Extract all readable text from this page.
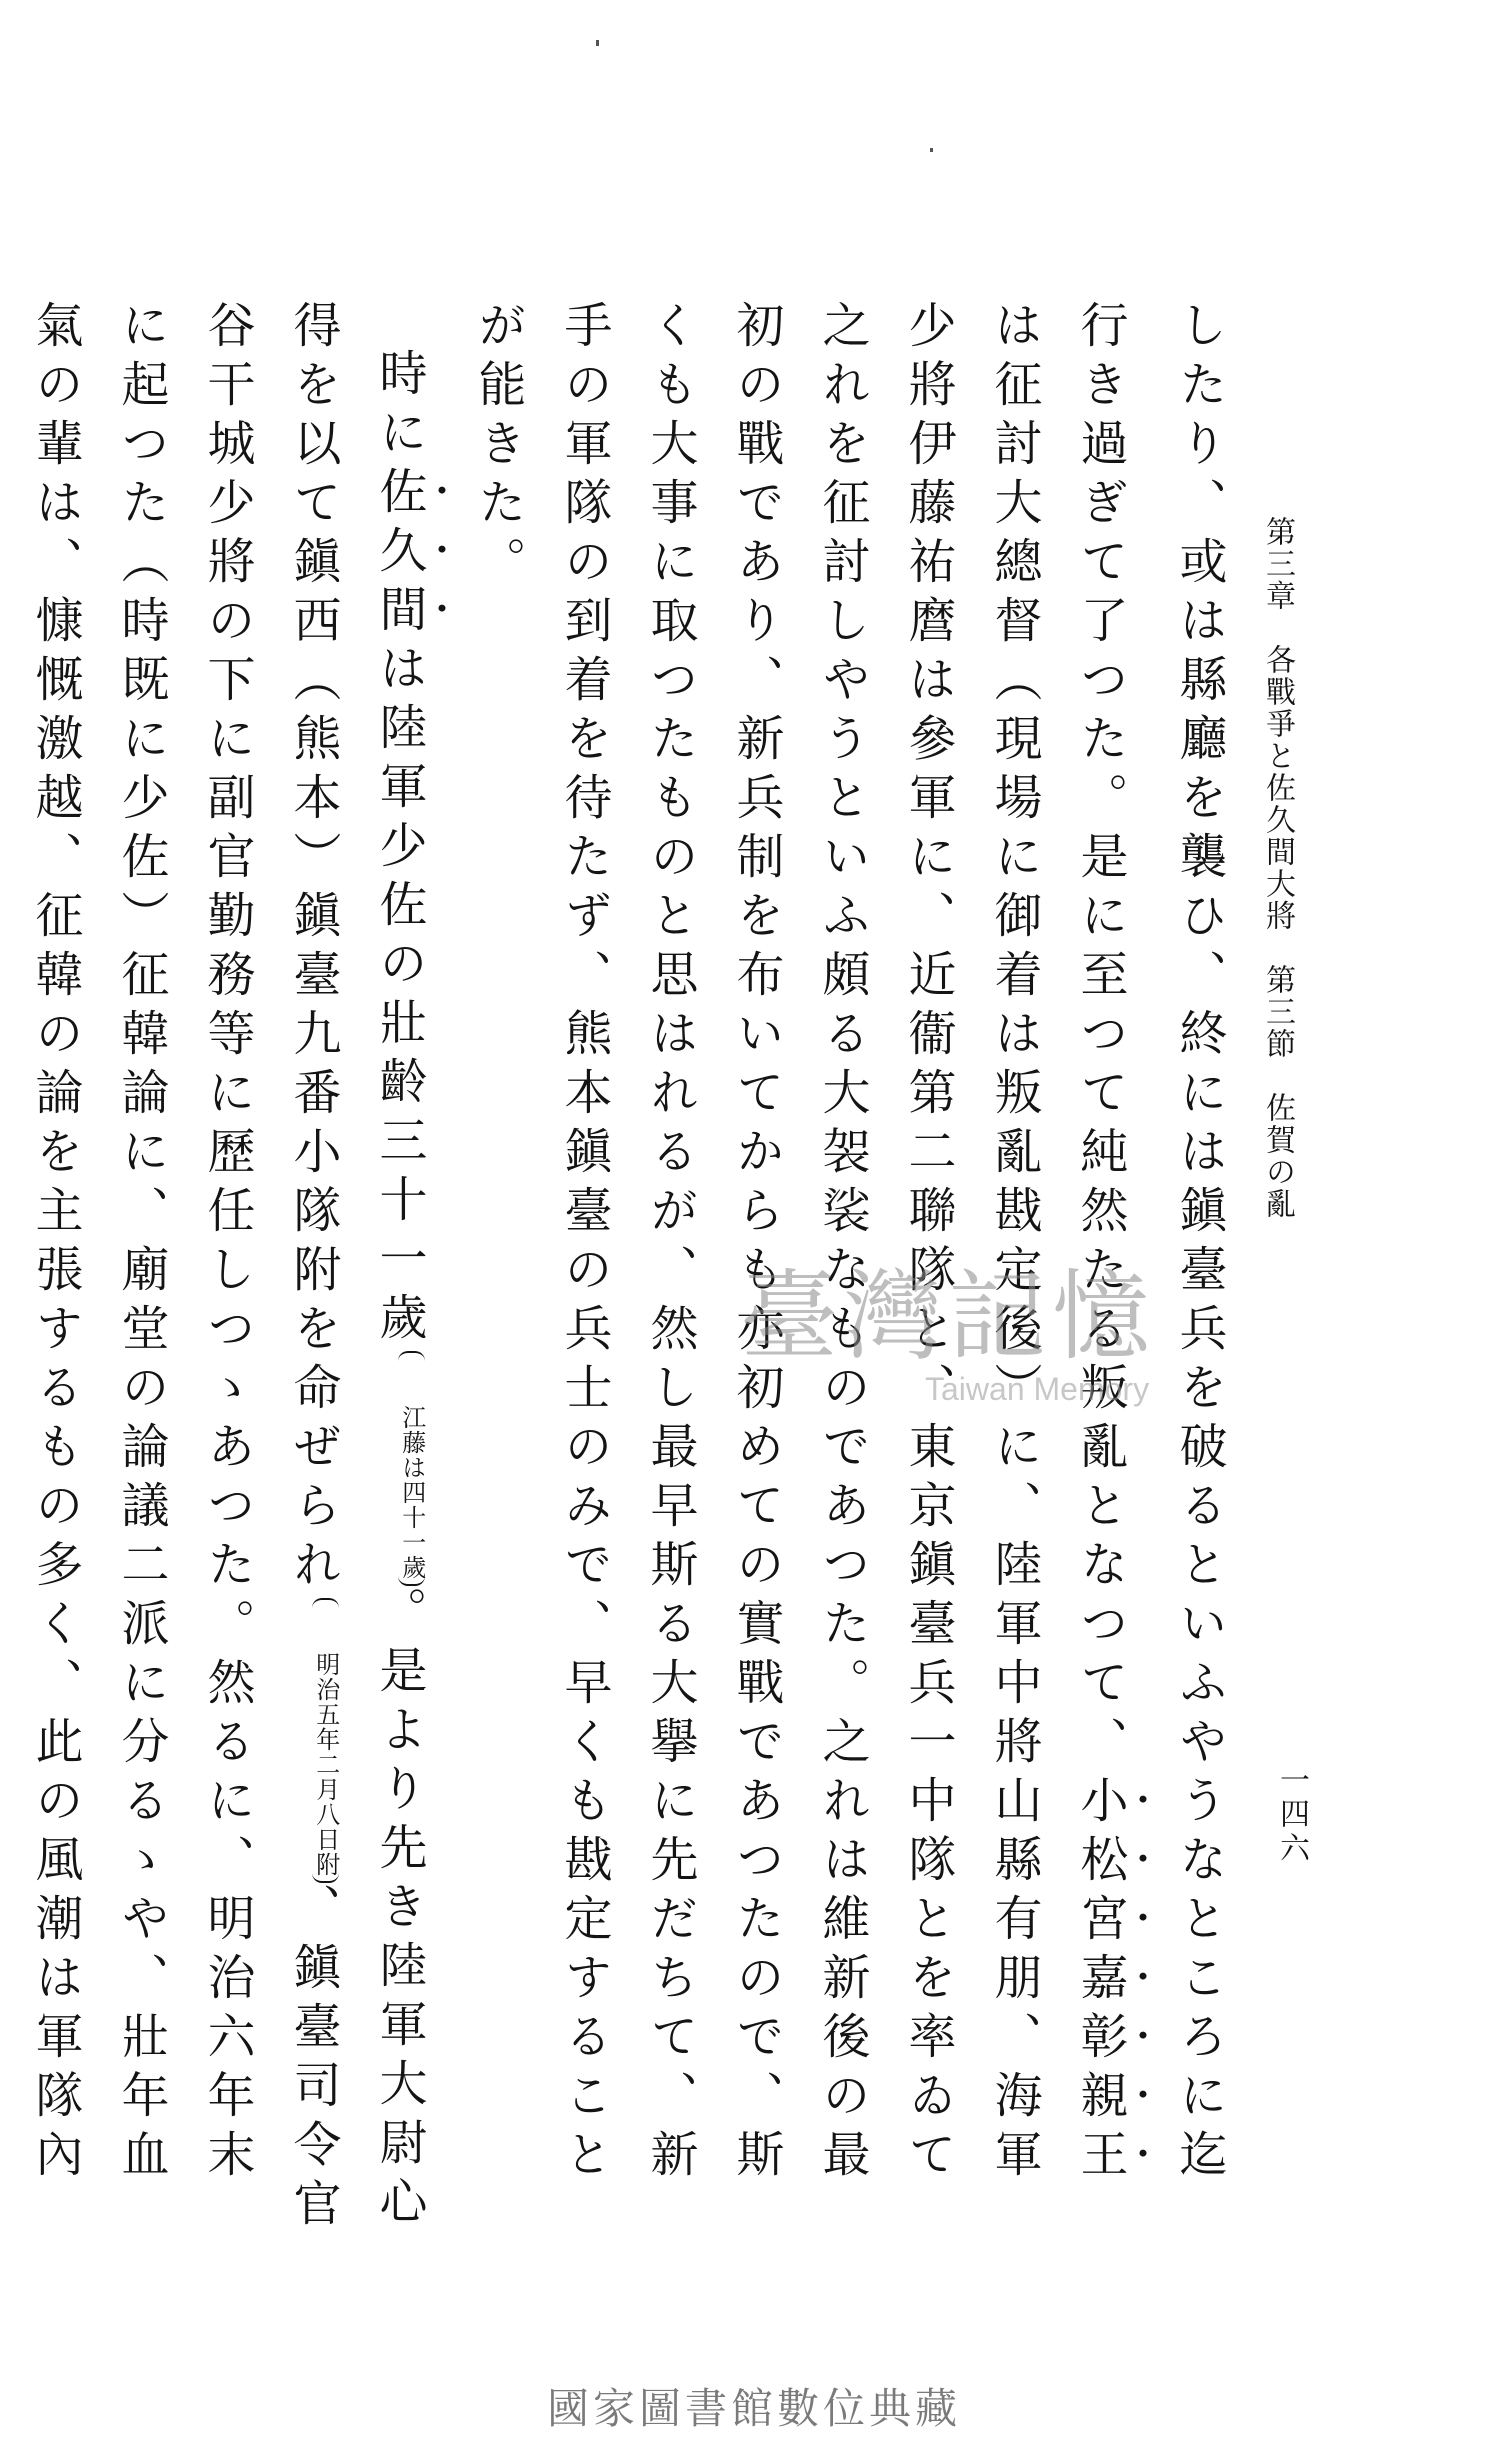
第三章　各戰爭と佐久間大將　第三節　佐賀の亂
一四六

したり、或は縣廳を襲ひ、終には鎭臺兵を破るといふやうなところに迄行き過ぎて了つた。是に至つて純然たる叛亂となつて、小松宮嘉彰親王は征討大總督（現場に御着は叛亂戡定後）に、陸軍中將山縣有朋、海軍少將伊藤祐麿は參軍に、近衞第二聯隊と、東京鎭臺兵一中隊とを率ゐて之れを征討しやうといふ頗る大袈裟なものであつた。之れは維新後の最初の戰であり、新兵制を布いてからも亦初めての實戰であつたので、斯くも大事に取つたものと思はれるが、然し最早斯る大擧に先だちて、新手の軍隊の到着を待たず、熊本鎭臺の兵士のみで、早くも戡定することが能きた。

時に佐久間は陸軍少佐の壯齡三十一歲江藤は四十一歲。是より先き陸軍大尉心得を以て鎭西（熊本）鎭臺九番小隊附を命ぜられ明治五年二月八日附、鎭臺司令官谷干城少將の下に副官勤務等に歷任しつゝあつた。然るに、明治六年末に起つた（時既に少佐）征韓論に、廟堂の論議二派に分るゝや、壯年血氣の輩は、慷慨激越、征韓の論を主張するもの多く、此の風潮は軍隊內

臺灣記憶
Taiwan Memory
國家圖書館數位典藏
